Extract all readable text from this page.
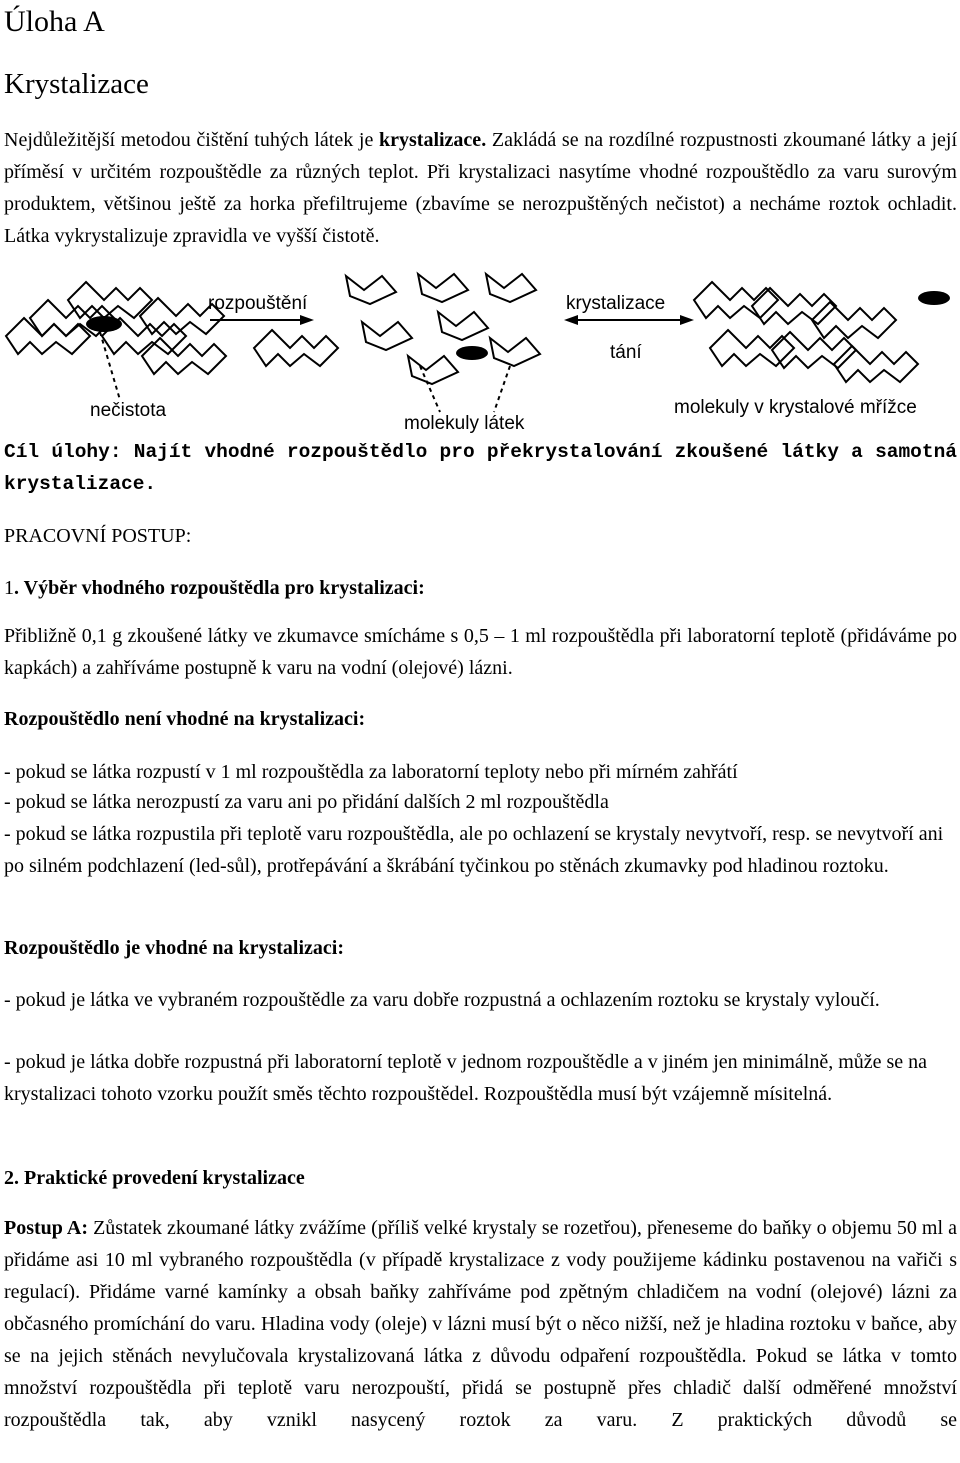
Úloha A
Krystalizace

Nejdůležitější metodou čištění tuhých látek je krystalizace. Zakládá se na rozdílné rozpustnosti zkoumané látky a její příměsí v určitém rozpouštědle za různých teplot. Při krystalizaci nasytíme vhodné rozpouštědlo za varu surovým produktem, většinou ještě za horka přefiltrujeme (zbavíme se nerozpuštěných nečistot) a necháme roztok ochladit. Látka vykrystalizuje zpravidla ve vyšší čistotě.

rozpouštění	krystalizace
tání
nečistota
molekuly látek
molekuly v krystalové mřížce
Cíl úlohy: Najít vhodné rozpouštědlo pro překrystalování zkoušené látky a samotná
krystalizace.
PRACOVNÍ POSTUP:
1. Výběr vhodného rozpouštědla pro krystalizaci:

Přibližně 0,1 g zkoušené látky ve zkumavce smícháme s 0,5 – 1 ml rozpouštědla při laboratorní teplotě (přidáváme po kapkách) a zahříváme postupně k varu na vodní (olejové) lázni.

Rozpouštědlo není vhodné na krystalizaci:
- pokud se látka rozpustí v 1 ml rozpouštědla za laboratorní teploty nebo při mírném zahřátí
- pokud se látka nerozpustí za varu ani po přidání dalších 2 ml rozpouštědla

- pokud se látka rozpustila při teplotě varu rozpouštědla, ale po ochlazení se krystaly nevytvoří, resp. se nevytvoří ani po silném podchlazení (led-sůl), protřepávání a škrábání tyčinkou po stěnách zkumavky pod hladinou roztoku.

Rozpouštědlo je vhodné na krystalizaci:

- pokud je látka ve vybraném rozpouštědle za varu dobře rozpustná a ochlazením roztoku se krystaly vyloučí.

- pokud je látka dobře rozpustná při laboratorní teplotě v jednom rozpouštědle a v jiném jen minimálně, může se na krystalizaci tohoto vzorku použít směs těchto rozpouštědel. Rozpouštědla musí být vzájemně mísitelná.

2. Praktické provedení krystalizace

Postup A: Zůstatek zkoumané látky zvážíme (příliš velké krystaly se rozetřou), přeneseme do baňky o objemu 50 ml a přidáme asi 10 ml vybraného rozpouštědla (v případě krystalizace z vody použijeme kádinku postavenou na vařiči s regulací). Přidáme varné kamínky a obsah baňky zahříváme pod zpětným chladičem na vodní (olejové) lázni za občasného promíchání do varu. Hladina vody (oleje) v lázni musí být o něco nižší, než je hladina roztoku v baňce, aby se na jejich stěnách nevylučovala krystalizovaná látka z důvodu odpaření rozpouštědla. Pokud se látka v tomto množství rozpouštědla při teplotě varu nerozpouští, přidá se postupně přes chladič další odměřené množství rozpouštědla tak, aby vznikl nasycený roztok za varu. Z praktických důvodů se
